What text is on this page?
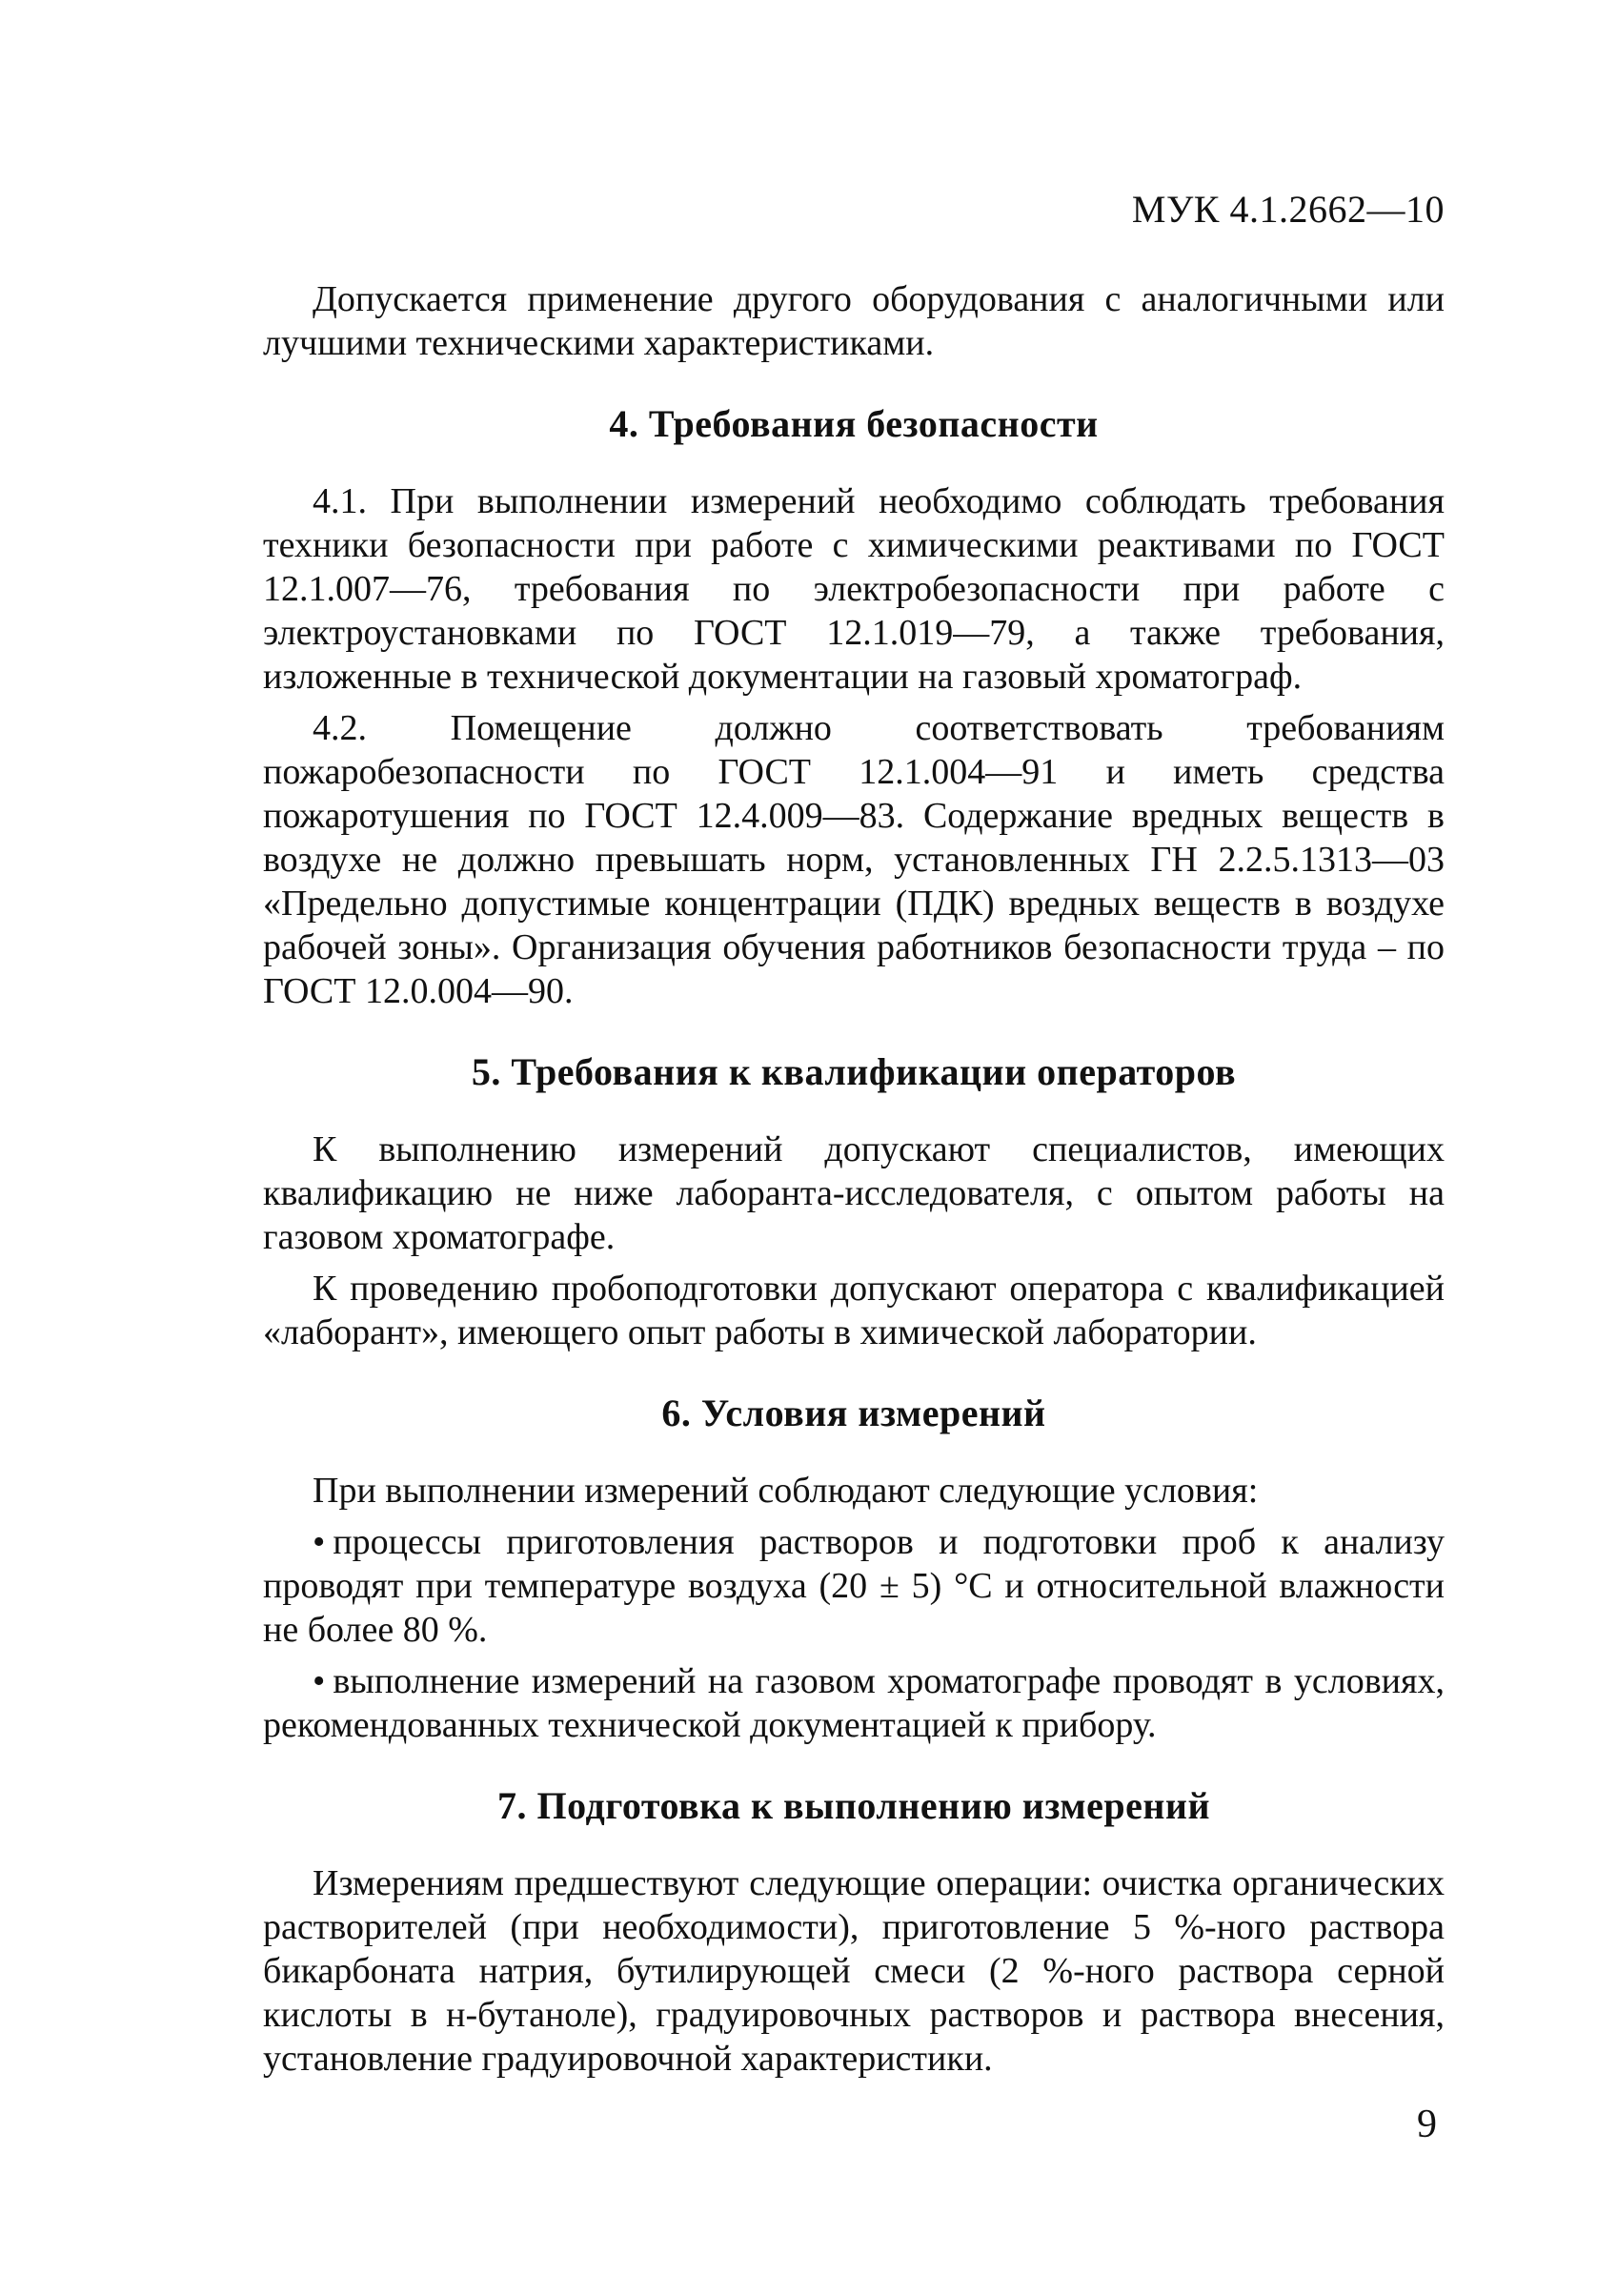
МУК 4.1.2662—10

Допускается применение другого оборудования с аналогичными или лучшими техническими характеристиками.

4. Требования безопасности

4.1. При выполнении измерений необходимо соблюдать требования техники безопасности при работе с химическими реактивами по ГОСТ 12.1.007—76, требования по электробезопасности при работе с электроустановками по ГОСТ 12.1.019—79, а также требования, изложенные в технической документации на газовый хроматограф.

4.2. Помещение должно соответствовать требованиям пожаробезопасности по ГОСТ 12.1.004—91 и иметь средства пожаротушения по ГОСТ 12.4.009—83. Содержание вредных веществ в воздухе не должно превышать норм, установленных ГН 2.2.5.1313—03 «Предельно допустимые концентрации (ПДК) вредных веществ в воздухе рабочей зоны». Организация обучения работников безопасности труда – по ГОСТ 12.0.004—90.

5. Требования к квалификации операторов

К выполнению измерений допускают специалистов, имеющих квалификацию не ниже лаборанта-исследователя, с опытом работы на газовом хроматографе.

К проведению пробоподготовки допускают оператора с квалификацией «лаборант», имеющего опыт работы в химической лаборатории.

6. Условия измерений

При выполнении измерений соблюдают следующие условия:

• процессы приготовления растворов и подготовки проб к анализу проводят при температуре воздуха (20 ± 5) °С и относительной влажности не более 80 %.

• выполнение измерений на газовом хроматографе проводят в условиях, рекомендованных технической документацией к прибору.

7. Подготовка к выполнению измерений

Измерениям предшествуют следующие операции: очистка органических растворителей (при необходимости), приготовление 5 %-ного раствора бикарбоната натрия, бутилирующей смеси (2 %-ного раствора серной кислоты в н-бутаноле), градуировочных растворов и раствора внесения, установление градуировочной характеристики.

9
